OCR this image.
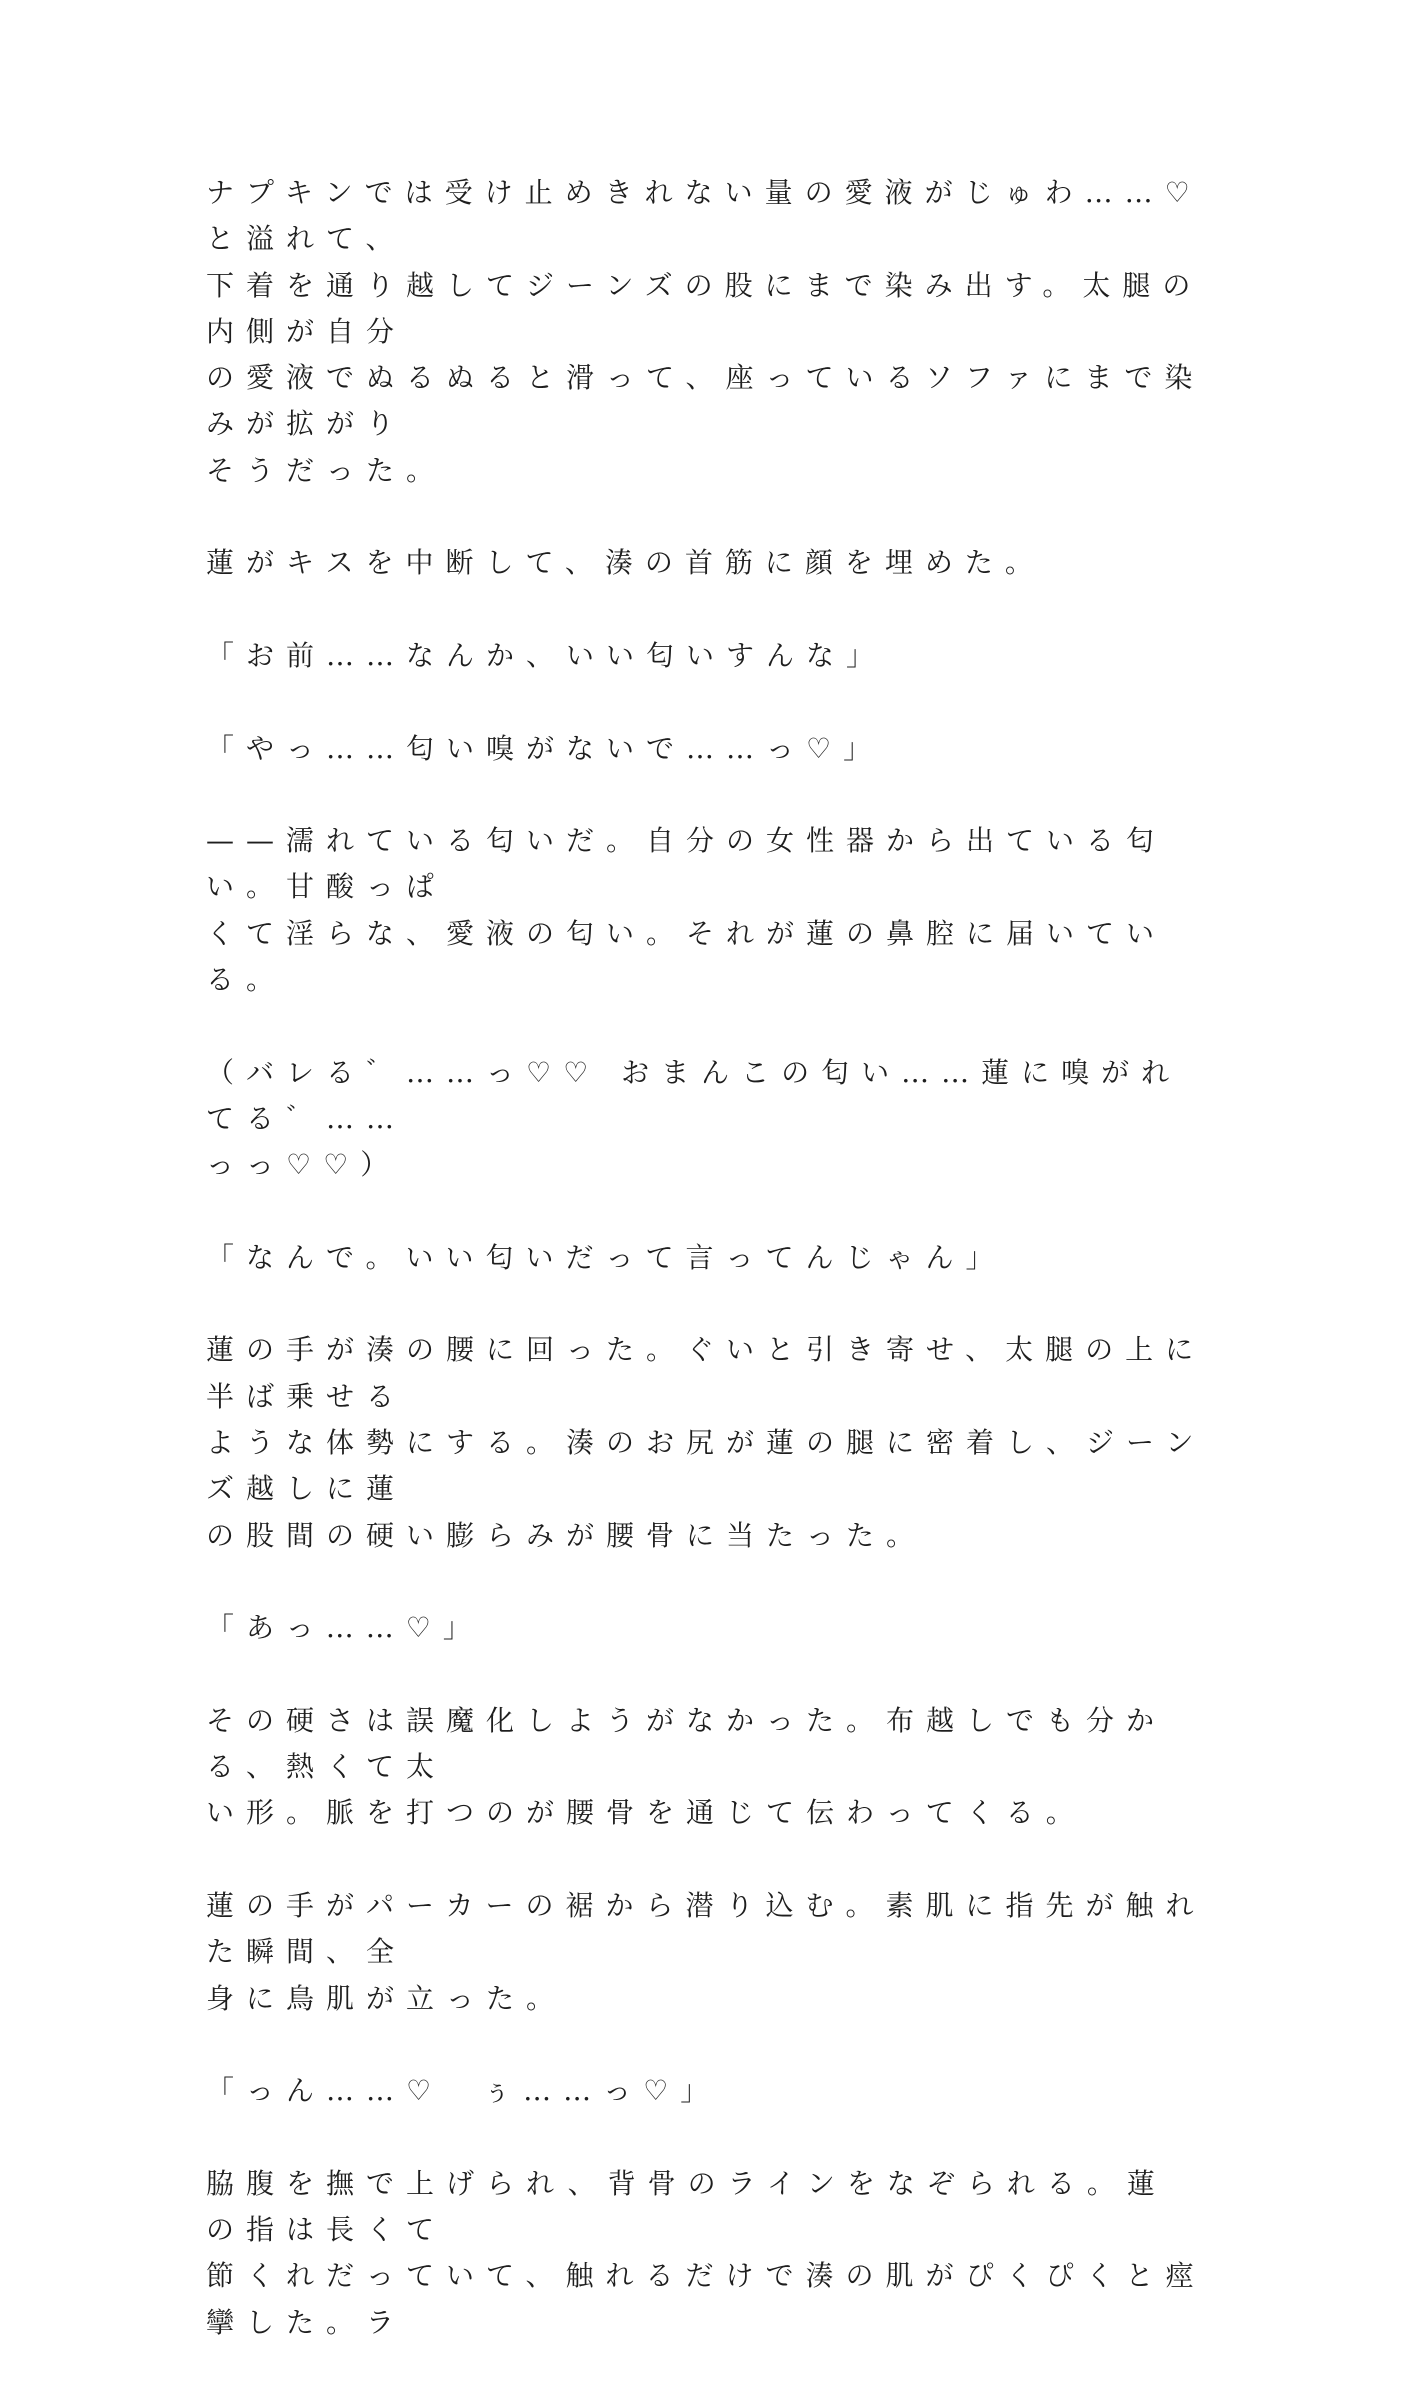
ナプキンでは受け止めきれない量の愛液がじゅわ……♡と溢れて、
下着を通り越してジーンズの股にまで染み出す。太腿の内側が自分
の愛液でぬるぬると滑って、座っているソファにまで染みが拡がり
そうだった。
蓮がキスを中断して、湊の首筋に顔を埋めた。
「お前……なんか、いい匂いすんな」
「やっ……匂い嗅がないで……っ♡」
——濡れている匂いだ。自分の女性器から出ている匂い。甘酸っぱ
くて淫らな、愛液の匂い。それが蓮の鼻腔に届いている。
（バレる゛……っ♡♡ おまんこの匂い……蓮に嗅がれてる゛……
っっ♡♡）
「なんで。いい匂いだって言ってんじゃん」
蓮の手が湊の腰に回った。ぐいと引き寄せ、太腿の上に半ば乗せる
ような体勢にする。湊のお尻が蓮の腿に密着し、ジーンズ越しに蓮
の股間の硬い膨らみが腰骨に当たった。
「あっ……♡」
その硬さは誤魔化しようがなかった。布越しでも分かる、熱くて太
い形。脈を打つのが腰骨を通じて伝わってくる。
蓮の手がパーカーの裾から潜り込む。素肌に指先が触れた瞬間、全
身に鳥肌が立った。
「っん……♡　ぅ……っ♡」
脇腹を撫で上げられ、背骨のラインをなぞられる。蓮の指は長くて
節くれだっていて、触れるだけで湊の肌がぴくぴくと痙攣した。ラ
